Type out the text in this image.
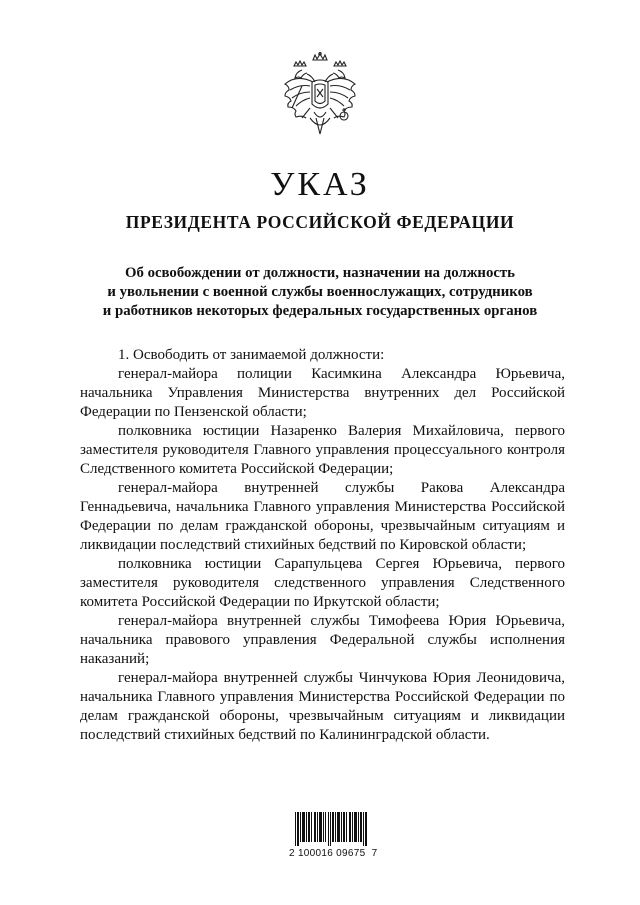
УКАЗ
ПРЕЗИДЕНТА РОССИЙСКОЙ ФЕДЕРАЦИИ
Об освобождении от должности, назначении на должность
и увольнении с военной службы военнослужащих, сотрудников
и работников некоторых федеральных государственных органов

1. Освободить от занимаемой должности:

генерал-майора полиции Касимкина Александра Юрьевича, начальника Управления Министерства внутренних дел Российской Федерации по Пензенской области;

полковника юстиции Назаренко Валерия Михайловича, первого заместителя руководителя Главного управления процессуального контроля Следственного комитета Российской Федерации;

генерал-майора внутренней службы Ракова Александра Геннадьевича, начальника Главного управления Министерства Российской Федерации по делам гражданской обороны, чрезвычайным ситуациям и ликвидации последствий стихийных бедствий по Кировской области;

полковника юстиции Сарапульцева Сергея Юрьевича, первого заместителя руководителя следственного управления Следственного комитета Российской Федерации по Иркутской области;

генерал-майора внутренней службы Тимофеева Юрия Юрьевича, начальника правового управления Федеральной службы исполнения наказаний;

генерал-майора внутренней службы Чинчукова Юрия Леонидовича, начальника Главного управления Министерства Российской Федерации по делам гражданской обороны, чрезвычайным ситуациям и ликвидации последствий стихийных бедствий по Калининградской области.

2 100016 09675  7
